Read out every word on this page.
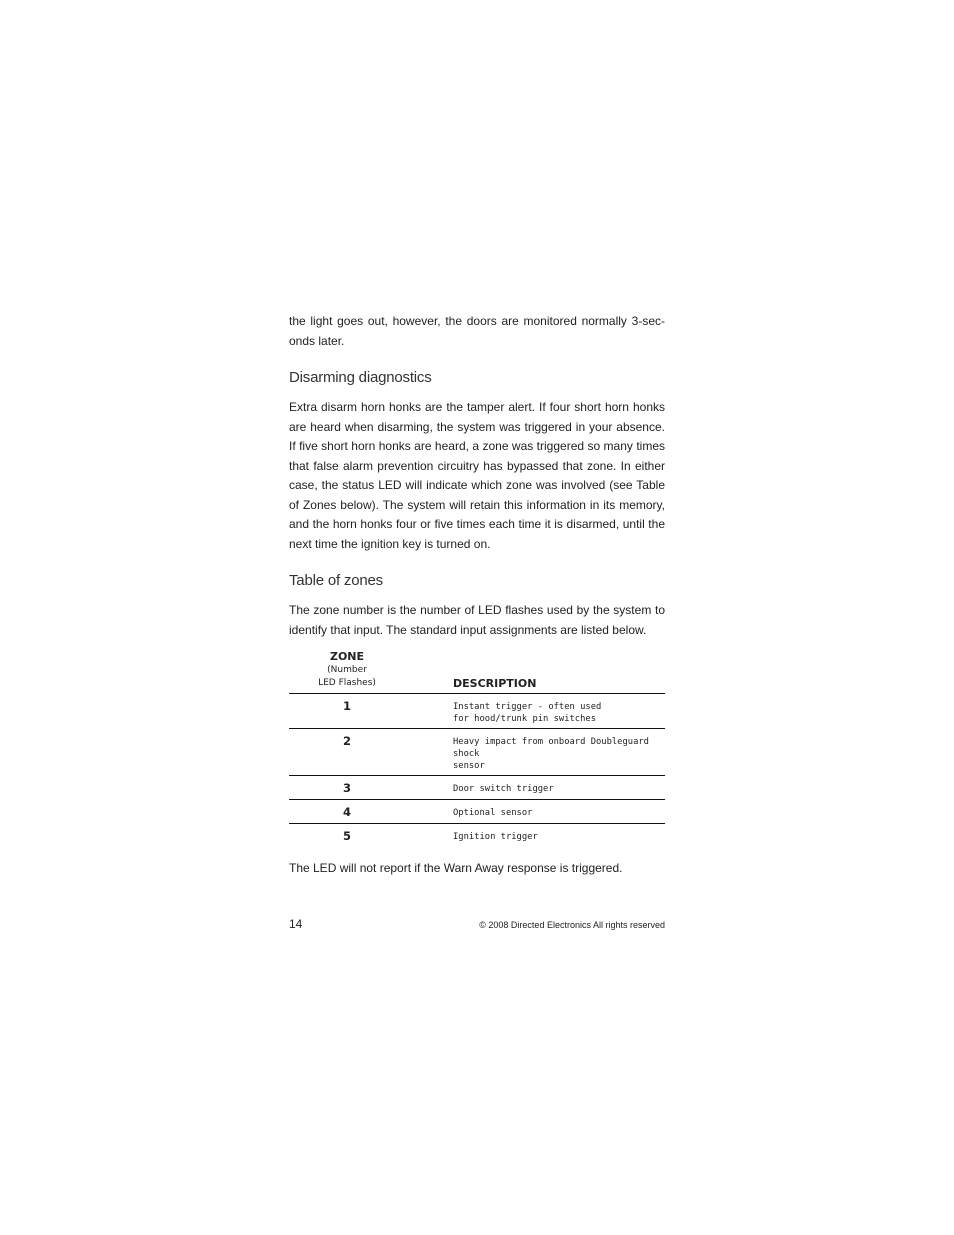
the light goes out, however, the doors are monitored normally 3-sec-onds later.

Disarming diagnostics

Extra disarm horn honks are the tamper alert. If four short horn honks are heard when disarming, the system was triggered in your absence. If five short horn honks are heard, a zone was triggered so many times that false alarm prevention circuitry has bypassed that zone. In either case, the status LED will indicate which zone was involved (see Table of Zones below). The system will retain this information in its memory, and the horn honks four or five times each time it is disarmed, until the next time the ignition key is turned on.

Table of zones

The zone number is the number of LED flashes used by the system to identify that input. The standard input assignments are listed below.

ZONE
(Number
LED Flashes)		DESCRIPTION
1		Instant trigger - often used
for hood/trunk pin switches

2		Heavy impact from onboard Doubleguard shock
sensor

3		Door switch trigger

4		Optional sensor

5		Ignition trigger

The LED will not report if the Warn Away response is triggered.

14	© 2008 Directed Electronics All rights reserved
